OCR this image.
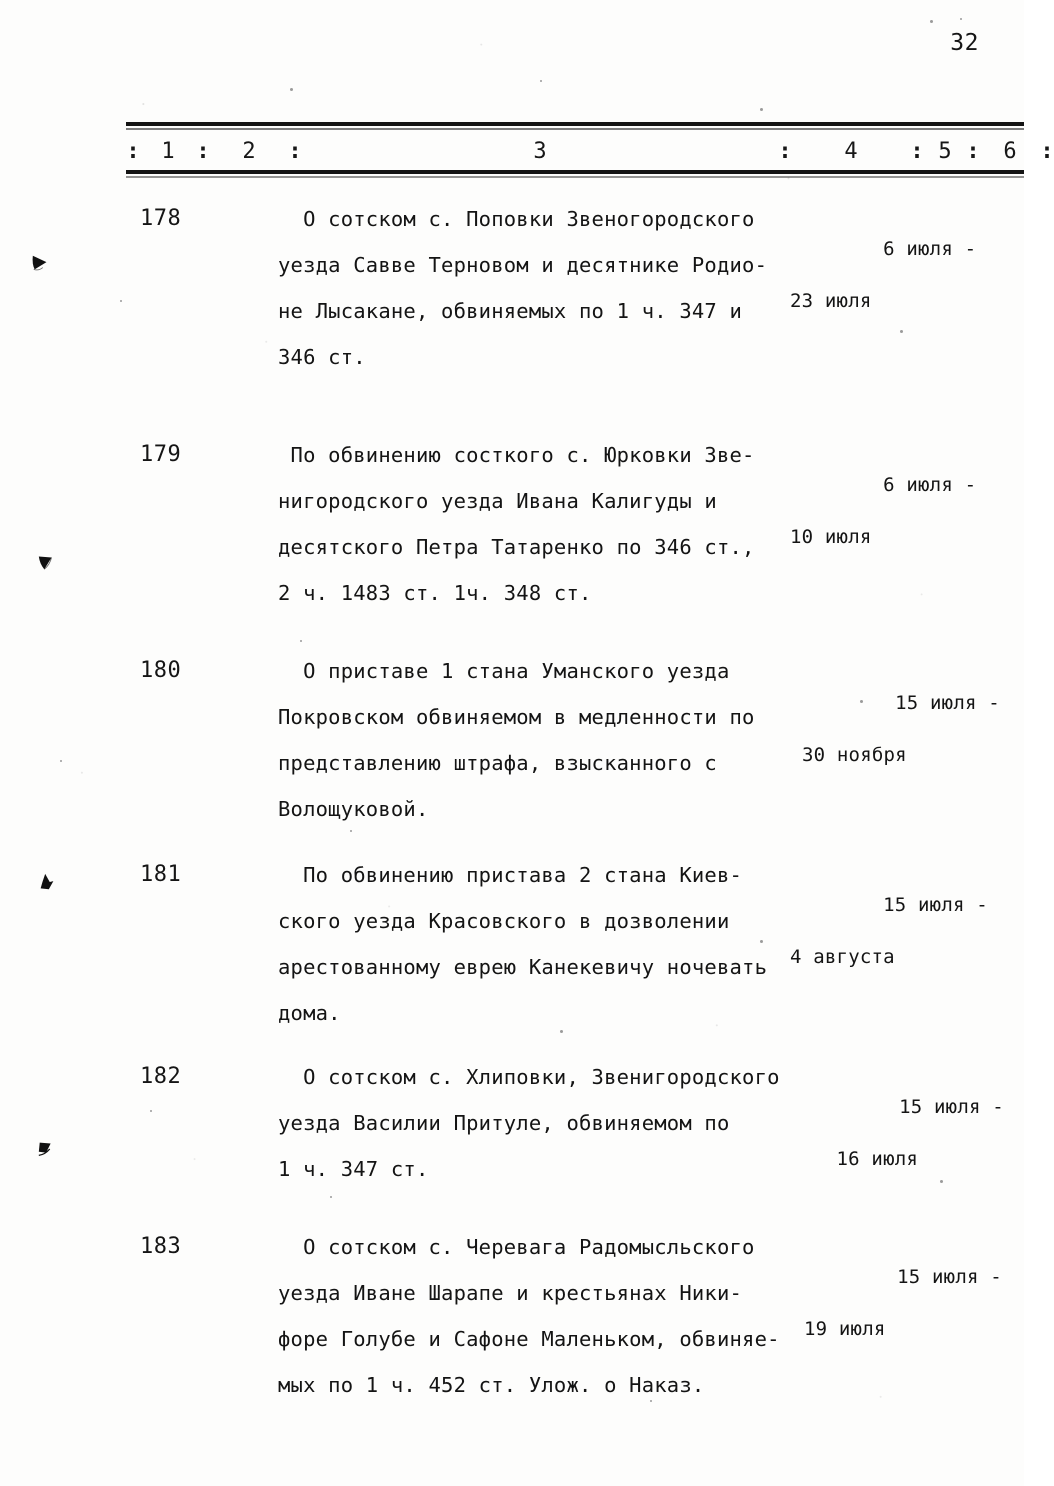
32
: 1 :	2	:	3	:	4	: 5 :	6	:
178	О сотском с. Поповки Звеногородского
уезда Савве Терновом и десятнике Родио-
не Лысакане, обвиняемых по 1 ч. 347 и
346 ст.

6 июля -

23 июля

179	По обвинению состкого с. Юрковки Зве-
нигородского уезда Ивана Калигуды и
десятского Петра Татаренко по 346 ст.,
2 ч. 1483 ст. 1ч. 348 ст.

6 июля -

10 июля

180	О приставе 1 стана Уманского уезда
Покровском обвиняемом в медленности по
представлению штрафа, взысканного с
Волощуковой.

15 июля -

30 ноября

181	По обвинению пристава 2 стана Киев-
ского уезда Красовского в дозволении
арестованному еврею Канекевичу ночевать
дома.

15 июля -

4 августа

182	О сотском с. Хлиповки, Звенигородского
уезда Василии Притуле, обвиняемом по
1 ч. 347 ст.

15 июля -

16 июля

183	О сотском с. Черевага Радомысльского
уезда Иване Шарапе и крестьянах Ники-
форе Голубе и Сафоне Маленьком, обвиняе-
мых по 1 ч. 452 ст. Улож. о Наказ.

15 июля -

19 июля
